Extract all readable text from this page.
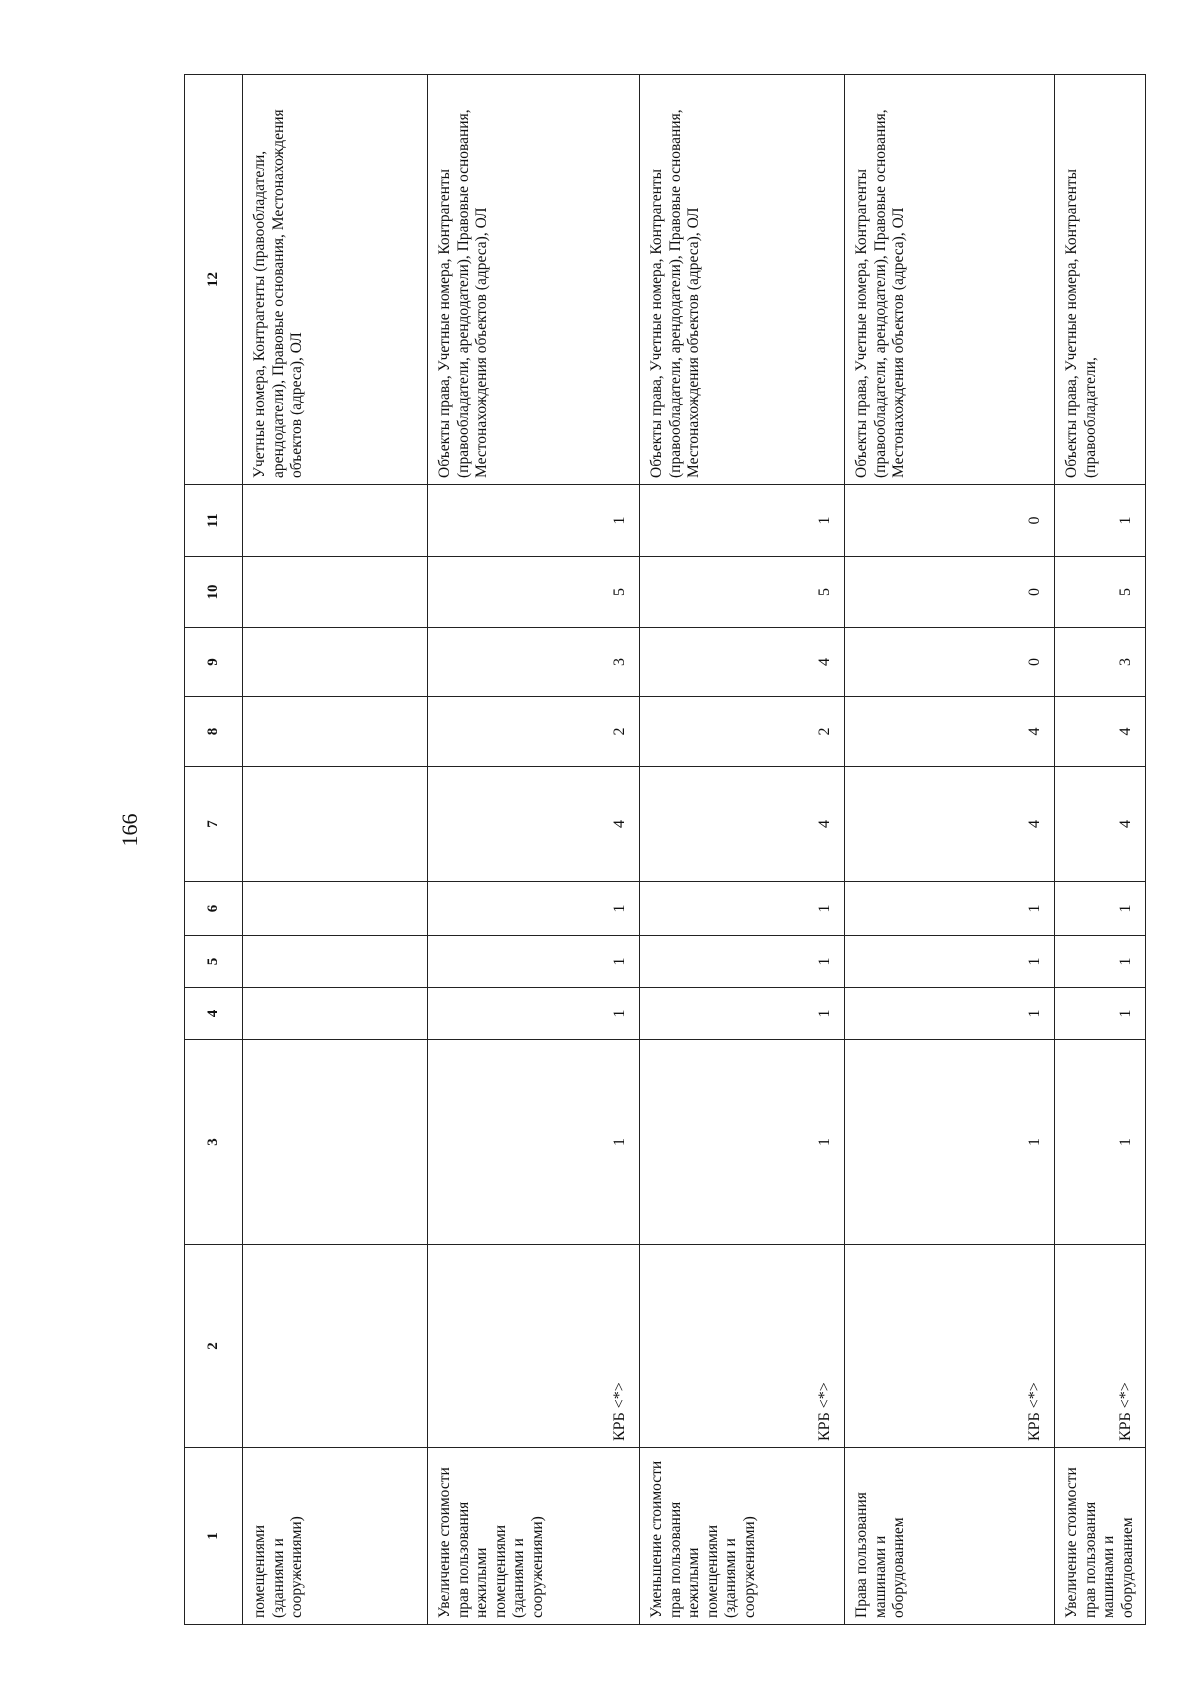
166
1	2	3	4	5	6	7	8	9	10	11	12
помещениями (зданиями и сооружениями)											Учетные номера, Контрагенты (правообладатели, арендодатели), Правовые основания, Местонахождения объектов (адреса), ОЛ
Увеличение стоимости прав пользования нежилыми помещениями (зданиями и сооружениями)	КРБ <*>	1	1	1	1	4	2	3	5	1	Объекты права, Учетные номера, Контрагенты (правообладатели, арендодатели), Правовые основания, Местонахождения объектов (адреса), ОЛ
Уменьшение стоимости прав пользования нежилыми помещениями (зданиями и сооружениями)	КРБ <*>	1	1	1	1	4	2	4	5	1	Объекты права, Учетные номера, Контрагенты (правообладатели, арендодатели), Правовые основания, Местонахождения объектов (адреса), ОЛ
Права пользования машинами и оборудованием	КРБ <*>	1	1	1	1	4	4	0	0	0	Объекты права, Учетные номера, Контрагенты (правообладатели, арендодатели), Правовые основания, Местонахождения объектов (адреса), ОЛ
Увеличение стоимости прав пользования машинами и оборудованием	КРБ <*>	1	1	1	1	4	4	3	5	1	Объекты права, Учетные номера, Контрагенты (правообладатели,
